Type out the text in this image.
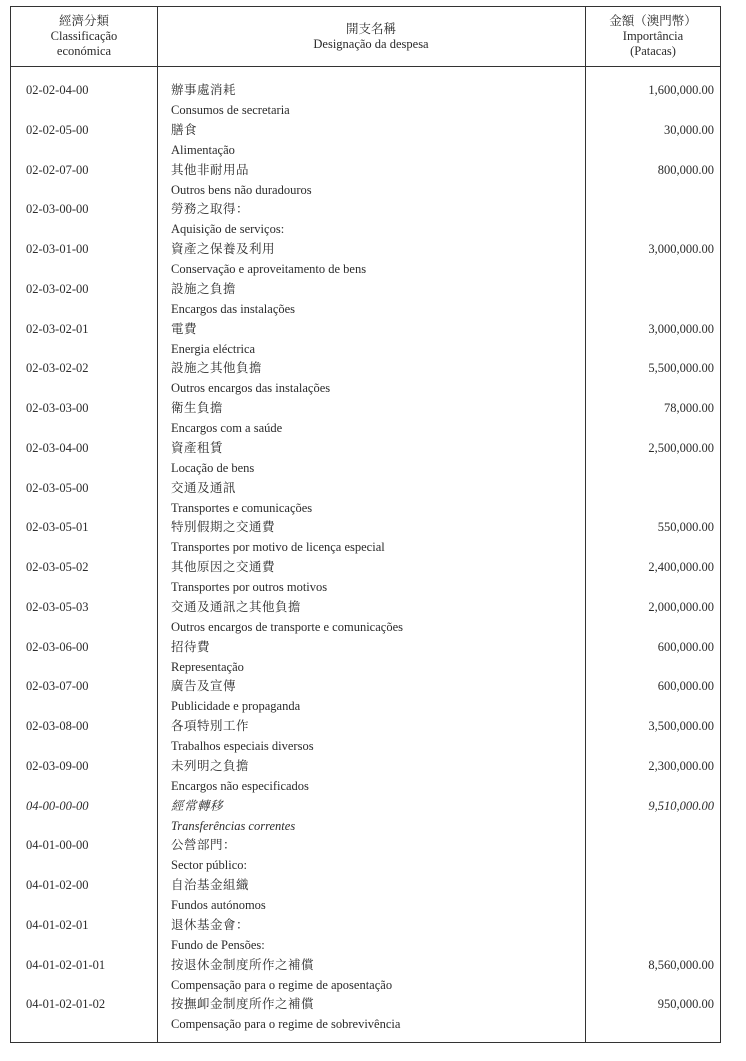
經濟分類
Classificação
económica
開支名稱
Designação da despesa
金額（澳門幣）
Importância
(Patacas)
02-02-04-00	辦事處消耗
Consumos de secretaria
1,600,000.00
02-02-05-00	膳食
Alimentação
30,000.00
02-02-07-00	其他非耐用品
Outros bens não duradouros
800,000.00
02-03-00-00	勞務之取得：
Aquisição de serviços:
02-03-01-00	資產之保養及利用
Conservação e aproveitamento de bens
3,000,000.00
02-03-02-00	設施之負擔
Encargos das instalações
02-03-02-01	電費
Energia eléctrica
3,000,000.00
02-03-02-02	設施之其他負擔
Outros encargos das instalações
5,500,000.00
02-03-03-00	衛生負擔
Encargos com a saúde
78,000.00
02-03-04-00	資產租賃
Locação de bens
2,500,000.00
02-03-05-00	交通及通訊
Transportes e comunicações
02-03-05-01	特別假期之交通費
Transportes por motivo de licença especial
550,000.00
02-03-05-02	其他原因之交通費
Transportes por outros motivos
2,400,000.00
02-03-05-03	交通及通訊之其他負擔
Outros encargos de transporte e comunicações
2,000,000.00
02-03-06-00	招待費
Representação
600,000.00
02-03-07-00	廣告及宣傳
Publicidade e propaganda
600,000.00
02-03-08-00	各項特別工作
Trabalhos especiais diversos
3,500,000.00
02-03-09-00	未列明之負擔
Encargos não especificados
2,300,000.00
04-00-00-00	經常轉移
Transferências correntes
9,510,000.00
04-01-00-00	公營部門：
Sector público:
04-01-02-00	自治基金組織
Fundos autónomos
04-01-02-01	退休基金會：
Fundo de Pensões:
04-01-02-01-01	按退休金制度所作之補償
Compensação para o regime de aposentação
8,560,000.00
04-01-02-01-02	按撫卹金制度所作之補償
Compensação para o regime de sobrevivência
950,000.00
